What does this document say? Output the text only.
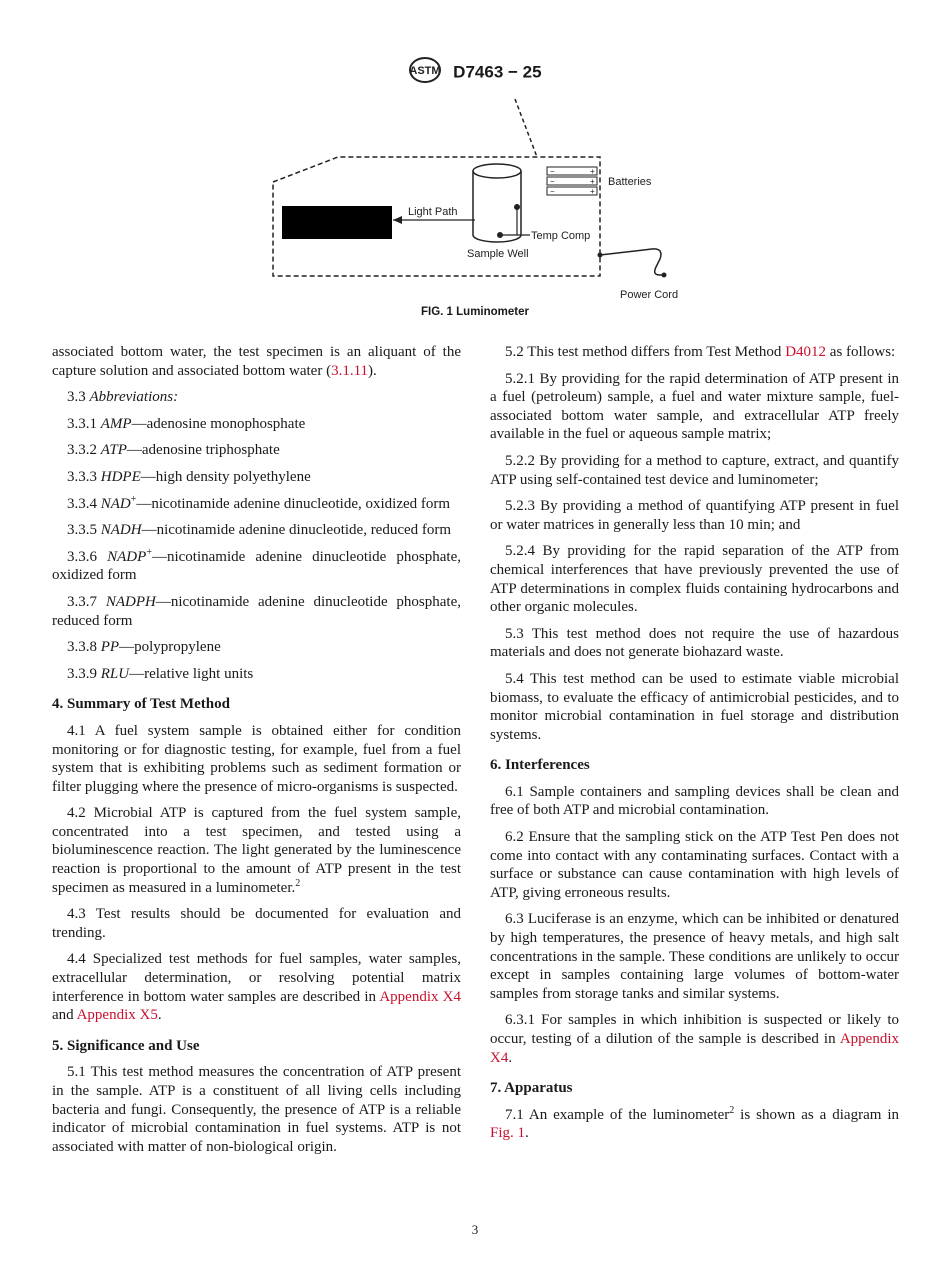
ASTM D7463 − 25
Light Path
Temp Comp
Sample Well
−	+
−	+
−	+
Batteries
Power Cord
FIG. 1 Luminometer

associated bottom water, the test specimen is an aliquant of the capture solution and associated bottom water (3.1.11).

3.3 Abbreviations:

3.3.1 AMP—adenosine monophosphate

3.3.2 ATP—adenosine triphosphate

3.3.3 HDPE—high density polyethylene

3.3.4 NAD+—nicotinamide adenine dinucleotide, oxidized form

3.3.5 NADH—nicotinamide adenine dinucleotide, reduced form

3.3.6 NADP+—nicotinamide adenine dinucleotide phosphate, oxidized form

3.3.7 NADPH—nicotinamide adenine dinucleotide phosphate, reduced form

3.3.8 PP—polypropylene

3.3.9 RLU—relative light units

4. Summary of Test Method

4.1 A fuel system sample is obtained either for condition monitoring or for diagnostic testing, for example, fuel from a fuel system that is exhibiting problems such as sediment formation or filter plugging where the presence of micro-organisms is suspected.

4.2 Microbial ATP is captured from the fuel system sample, concentrated into a test specimen, and tested using a bioluminescence reaction. The light generated by the luminescence reaction is proportional to the amount of ATP present in the test specimen as measured in a luminometer.$^2$

4.3 Test results should be documented for evaluation and trending.

4.4 Specialized test methods for fuel samples, water samples, extracellular determination, or resolving potential matrix interference in bottom water samples are described in Appendix X4 and Appendix X5.

5. Significance and Use

5.1 This test method measures the concentration of ATP present in the sample. ATP is a constituent of all living cells including bacteria and fungi. Consequently, the presence of ATP is a reliable indicator of microbial contamination in fuel systems. ATP is not associated with matter of non-biological origin.

5.2 This test method differs from Test Method D4012 as follows:

5.2.1 By providing for the rapid determination of ATP present in a fuel (petroleum) sample, a fuel and water mixture sample, fuel-associated bottom water sample, and extracellular ATP freely available in the fuel or aqueous sample matrix;

5.2.2 By providing for a method to capture, extract, and quantify ATP using self-contained test device and luminometer;

5.2.3 By providing a method of quantifying ATP present in fuel or water matrices in generally less than 10 min; and

5.2.4 By providing for the rapid separation of the ATP from chemical interferences that have previously prevented the use of ATP determinations in complex fluids containing hydrocarbons and other organic molecules.

5.3 This test method does not require the use of hazardous materials and does not generate biohazard waste.

5.4 This test method can be used to estimate viable microbial biomass, to evaluate the efficacy of antimicrobial pesticides, and to monitor microbial contamination in fuel storage and distribution systems.

6. Interferences

6.1 Sample containers and sampling devices shall be clean and free of both ATP and microbial contamination.

6.2 Ensure that the sampling stick on the ATP Test Pen does not come into contact with any contaminating surfaces. Contact with a surface or substance can cause contamination with high levels of ATP, giving erroneous results.

6.3 Luciferase is an enzyme, which can be inhibited or denatured by high temperatures, the presence of heavy metals, and high salt concentrations in the sample. These conditions are unlikely to occur except in samples containing large volumes of bottom-water samples from storage tanks and similar systems.

6.3.1 For samples in which inhibition is suspected or likely to occur, testing of a dilution of the sample is described in Appendix X4.

7. Apparatus

7.1 An example of the luminometer$^2$ is shown as a diagram in Fig. 1.

3
